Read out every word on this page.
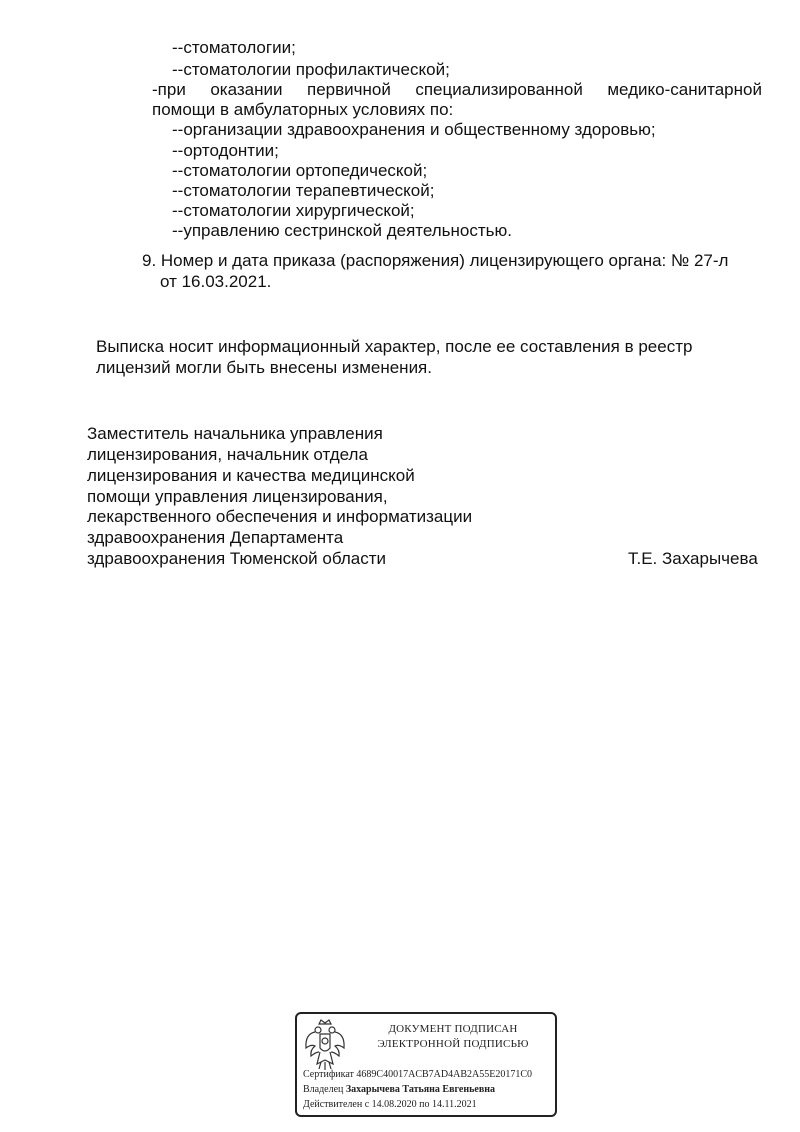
--стоматологии;
--стоматологии профилактической;
-при оказании первичной специализированной медико-санитарной
помощи в амбулаторных условиях по:
--организации здравоохранения и общественному здоровью;
--ортодонтии;
--стоматологии ортопедической;
--стоматологии терапевтической;
--стоматологии хирургической;
--управлению сестринской деятельностью.
9. Номер и дата приказа (распоряжения) лицензирующего органа: № 27-л
от 16.03.2021.
Выписка носит информационный характер, после ее составления в реестр
лицензий могли быть внесены изменения.
Заместитель начальника управления
лицензирования, начальник отдела
лицензирования и качества медицинской
помощи управления лицензирования,
лекарственного обеспечения и информатизации
здравоохранения Департамента
здравоохранения Тюменской области	Т.Е. Захарычева
ДОКУМЕНТ ПОДПИСАН
ЭЛЕКТРОННОЙ ПОДПИСЬЮ
Сертификат 4689C40017ACB7AD4AB2A55E20171C0
Владелец Захарычева Татьяна Евгеньевна
Действителен с 14.08.2020 по 14.11.2021
